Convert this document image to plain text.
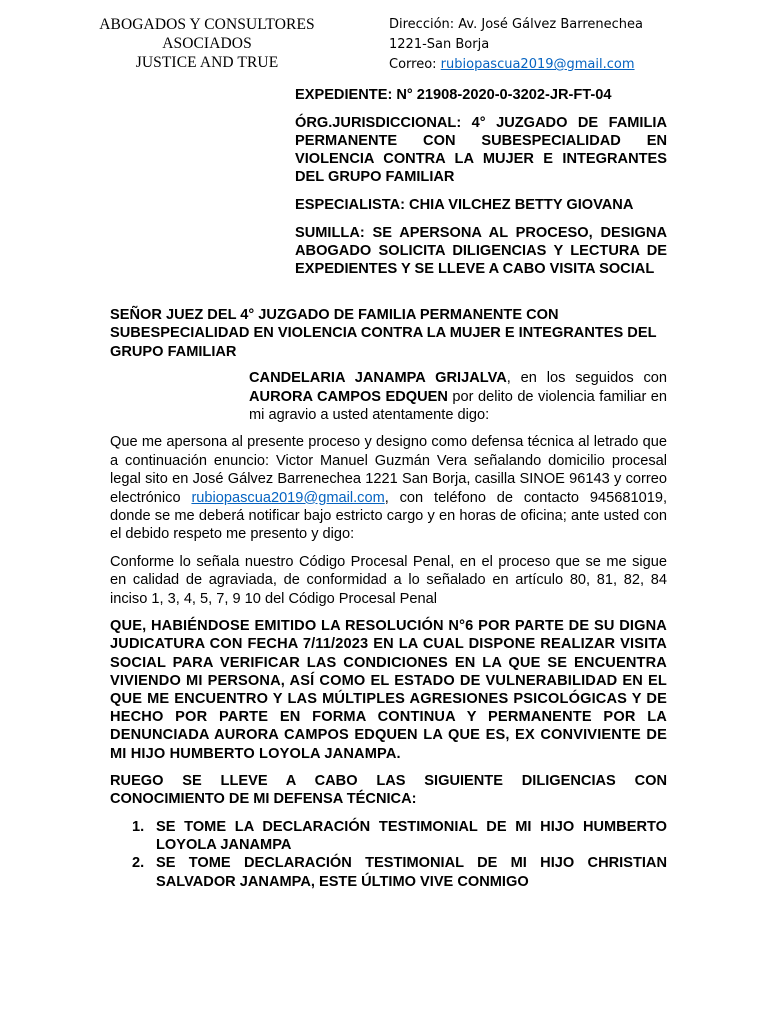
ABOGADOS Y CONSULTORES
ASOCIADOS
JUSTICE AND TRUE
Dirección: Av. José Gálvez Barrenechea
1221-San Borja
Correo: rubiopascua2019@gmail.com

EXPEDIENTE: N° 21908-2020-0-3202-JR-FT-04

ÓRG.JURISDICCIONAL: 4° JUZGADO DE FAMILIA PERMANENTE CON SUBESPECIALIDAD EN VIOLENCIA CONTRA LA MUJER E INTEGRANTES DEL GRUPO FAMILIAR

ESPECIALISTA: CHIA VILCHEZ BETTY GIOVANA

SUMILLA: SE APERSONA AL PROCESO, DESIGNA ABOGADO SOLICITA DILIGENCIAS Y LECTURA DE EXPEDIENTES Y SE LLEVE A CABO VISITA SOCIAL

SEÑOR JUEZ DEL 4° JUZGADO DE FAMILIA PERMANENTE CON SUBESPECIALIDAD EN VIOLENCIA CONTRA LA MUJER E INTEGRANTES DEL GRUPO FAMILIAR

CANDELARIA JANAMPA GRIJALVA, en los seguidos con AURORA CAMPOS EDQUEN por delito de violencia familiar en mi agravio a usted atentamente digo:

Que me apersona al presente proceso y designo como defensa técnica al letrado que a continuación enuncio: Victor Manuel Guzmán Vera señalando domicilio procesal legal sito en José Gálvez Barrenechea 1221 San Borja, casilla SINOE 96143 y correo electrónico rubiopascua2019@gmail.com, con teléfono de contacto 945681019, donde se me deberá notificar bajo estricto cargo y en horas de oficina; ante usted con el debido respeto me presento y digo:

Conforme lo señala nuestro Código Procesal Penal, en el proceso que se me sigue en calidad de agraviada, de conformidad a lo señalado en artículo 80, 81, 82, 84 inciso 1, 3, 4, 5, 7, 9 10 del Código Procesal Penal

QUE, HABIÉNDOSE EMITIDO LA RESOLUCIÓN N°6 POR PARTE DE SU DIGNA JUDICATURA CON FECHA 7/11/2023 EN LA CUAL DISPONE REALIZAR VISITA SOCIAL PARA VERIFICAR LAS CONDICIONES EN LA QUE SE ENCUENTRA VIVIENDO MI PERSONA, ASÍ COMO EL ESTADO DE VULNERABILIDAD EN EL QUE ME ENCUENTRO Y LAS MÚLTIPLES AGRESIONES PSICOLÓGICAS Y DE HECHO POR PARTE EN FORMA CONTINUA Y PERMANENTE POR LA DENUNCIADA AURORA CAMPOS EDQUEN LA QUE ES, EX CONVIVIENTE DE MI HIJO HUMBERTO LOYOLA JANAMPA.

RUEGO SE LLEVE A CABO LAS SIGUIENTE DILIGENCIAS CON CONOCIMIENTO DE MI DEFENSA TÉCNICA:

1. SE TOME LA DECLARACIÓN TESTIMONIAL DE MI HIJO HUMBERTO LOYOLA JANAMPA
2. SE TOME DECLARACIÓN TESTIMONIAL DE MI HIJO CHRISTIAN SALVADOR JANAMPA, ESTE ÚLTIMO VIVE CONMIGO
